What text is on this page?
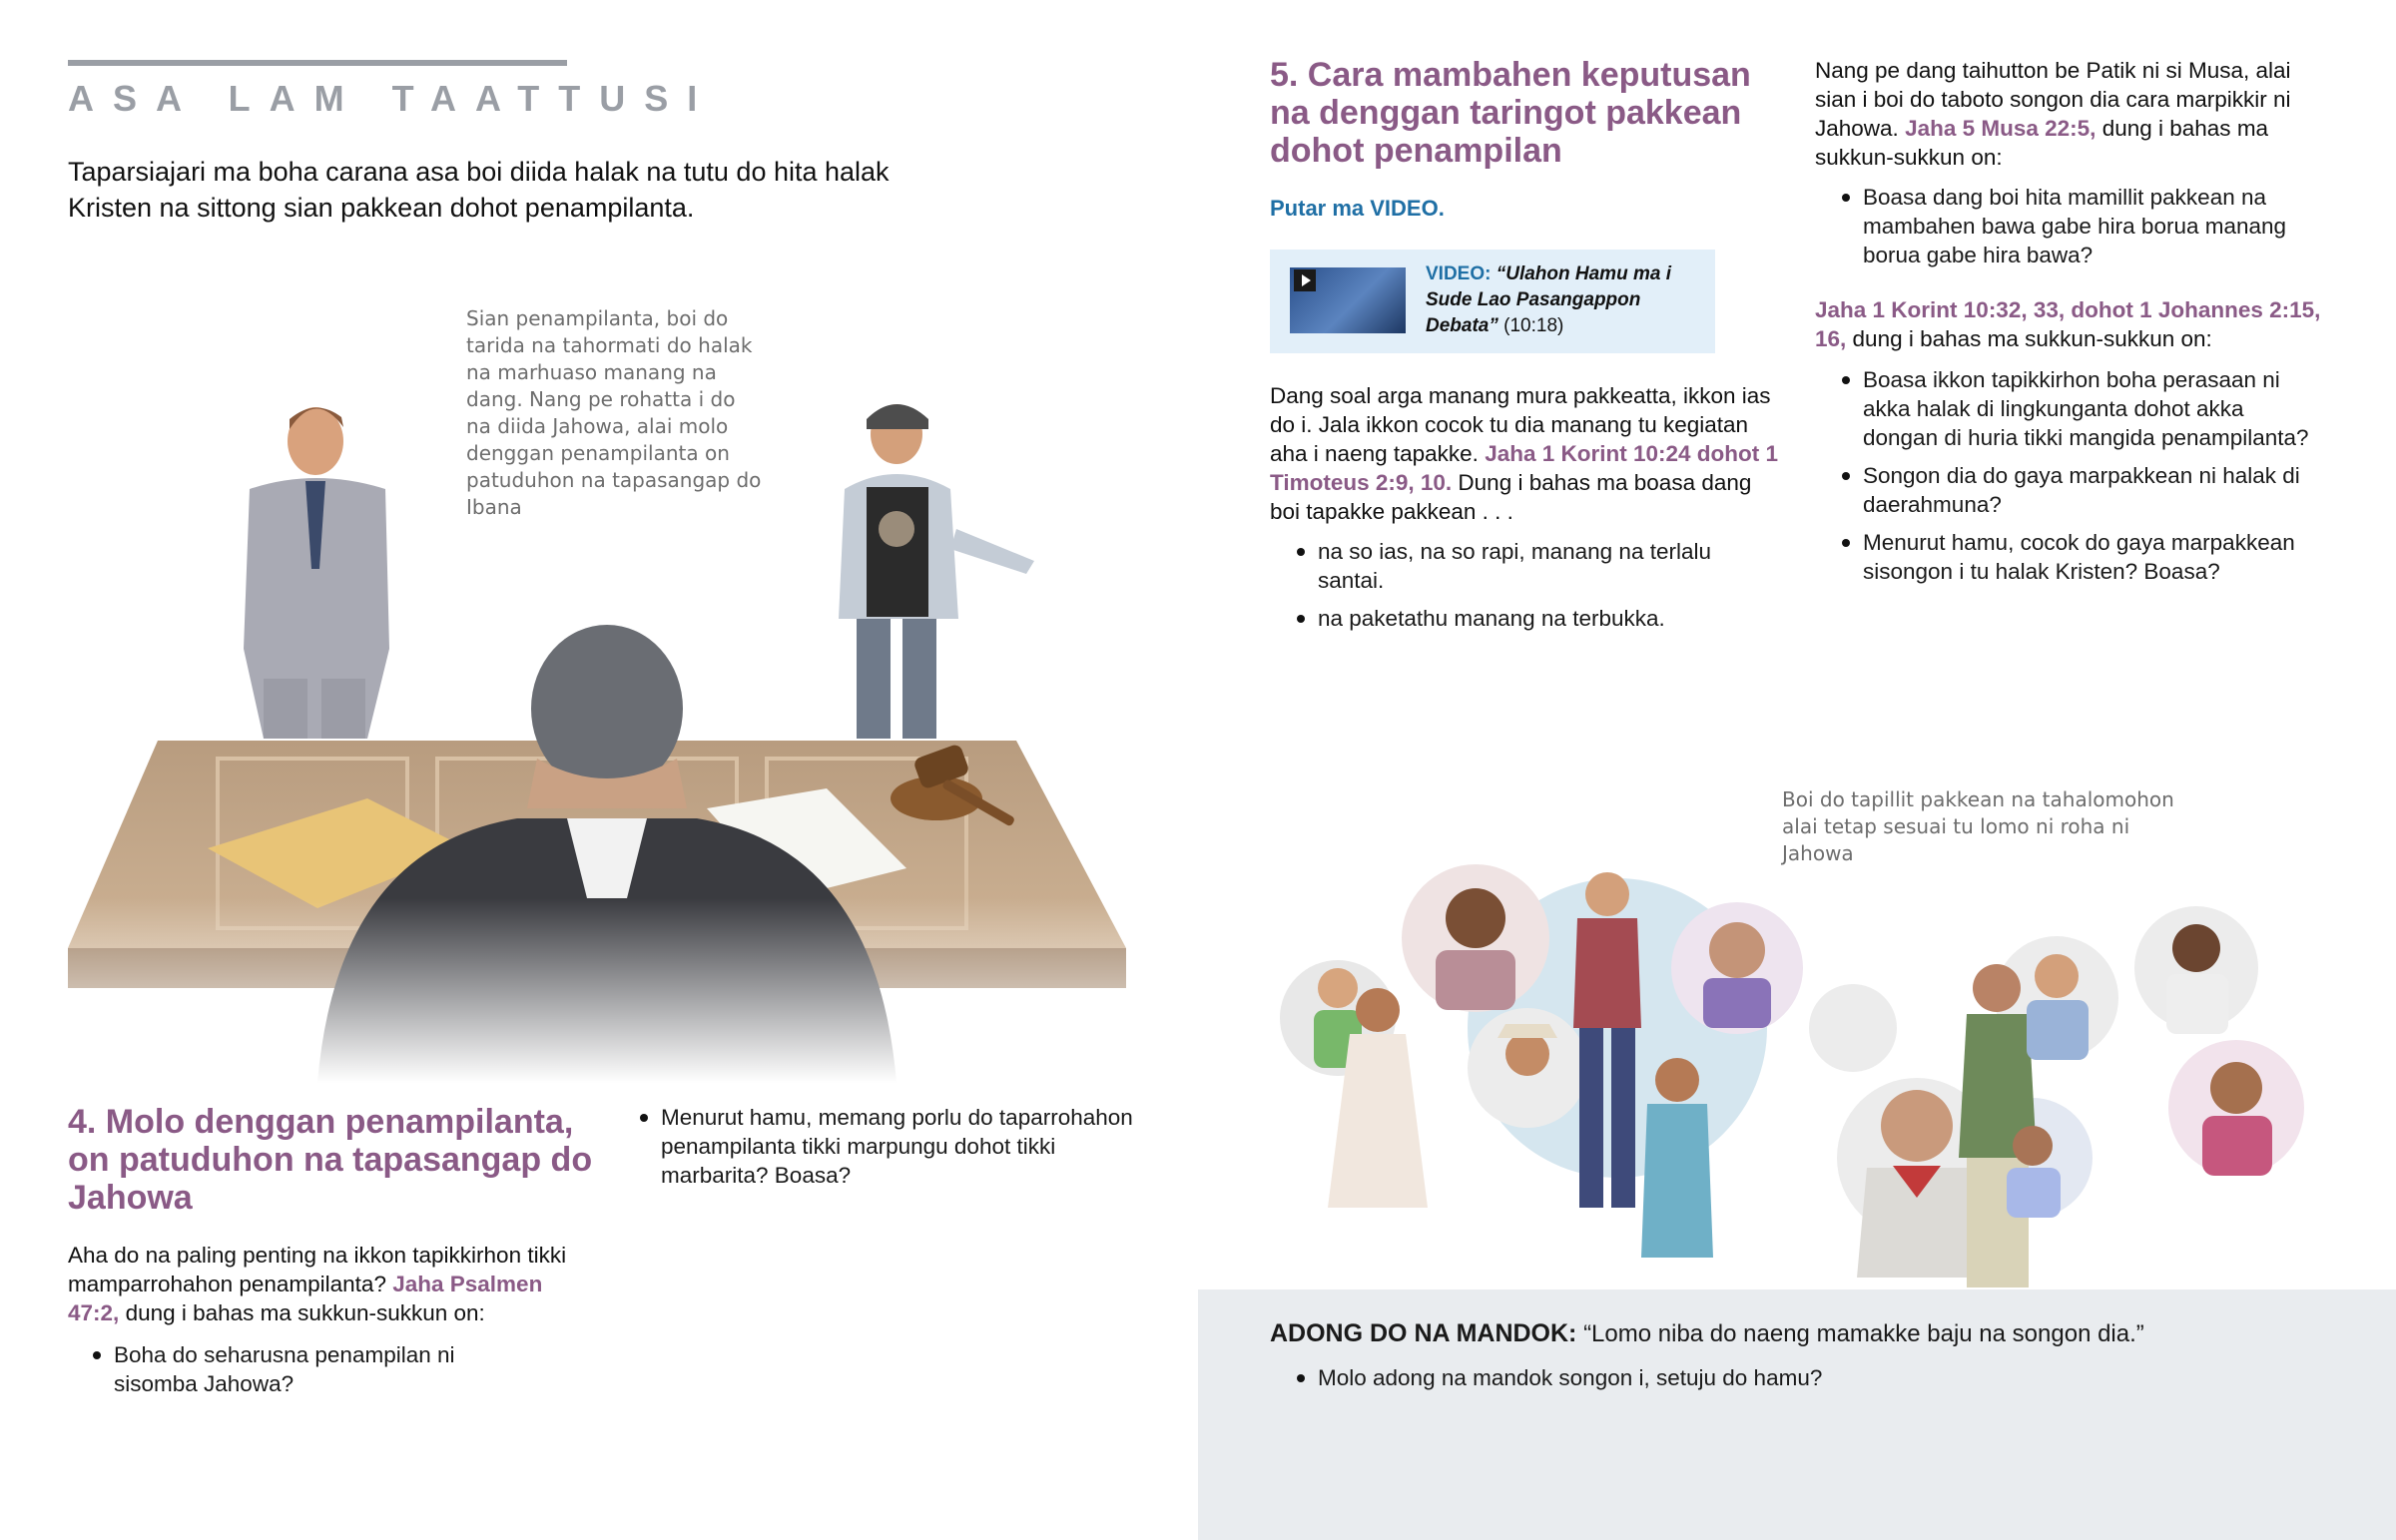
ASA LAM TAATTUSI
Taparsiajari ma boha carana asa boi diida halak na tutu do hita halak Kristen na sittong sian pakkean dohot penampilanta.
Sian penampilanta, boi do tarida na tahormati do halak na marhuaso manang na dang. Nang pe rohatta i do na diida Jahowa, alai molo denggan penampilanta on patuduhon na tapasangap do Ibana
4. Molo denggan penampilanta, on patuduhon na tapasangap do Jahowa
Aha do na paling penting na ikkon tapikkirhon tikki mamparrohahon penampilanta? Jaha Psalmen 47:2, dung i bahas ma sukkun-sukkun on:
Boha do seharusna penampilan ni sisomba Jahowa?
Menurut hamu, memang porlu do taparrohahon penampilanta tikki marpungu dohot tikki marbarita? Boasa?
5. Cara mambahen keputusan na denggan taringot pakkean dohot penampilan
Putar ma VIDEO.
VIDEO: “Ulahon Hamu ma i Sude Lao Pasangappon Debata” (10:18)
Dang soal arga manang mura pakkeatta, ikkon ias do i. Jala ikkon cocok tu dia manang tu kegiatan aha i naeng tapakke. Jaha 1 Korint 10:24 dohot 1 Timoteus 2:9, 10. Dung i bahas ma boasa dang boi tapakke pakkean . . .
na so ias, na so rapi, manang na terlalu santai.
na paketathu manang na terbukka.
Nang pe dang taihutton be Patik ni si Musa, alai sian i boi do taboto songon dia cara marpikkir ni Jahowa. Jaha 5 Musa 22:5, dung i bahas ma sukkun-sukkun on:
Boasa dang boi hita mamillit pakkean na mambahen bawa gabe hira borua manang borua gabe hira bawa?
Jaha 1 Korint 10:32, 33, dohot 1 Johannes 2:15, 16, dung i bahas ma sukkun-sukkun on:
Boasa ikkon tapikkirhon boha perasaan ni akka halak di lingkunganta dohot akka dongan di huria tikki mangida penampilanta?
Songon dia do gaya marpakkean ni halak di daerahmuna?
Menurut hamu, cocok do gaya marpakkean sisongon i tu halak Kristen? Boasa?
Boi do tapillit pakkean na tahalomohon alai tetap sesuai tu lomo ni roha ni Jahowa
ADONG DO NA MANDOK: “Lomo niba do naeng mamakke baju na songon dia.”
Molo adong na mandok songon i, setuju do hamu?
